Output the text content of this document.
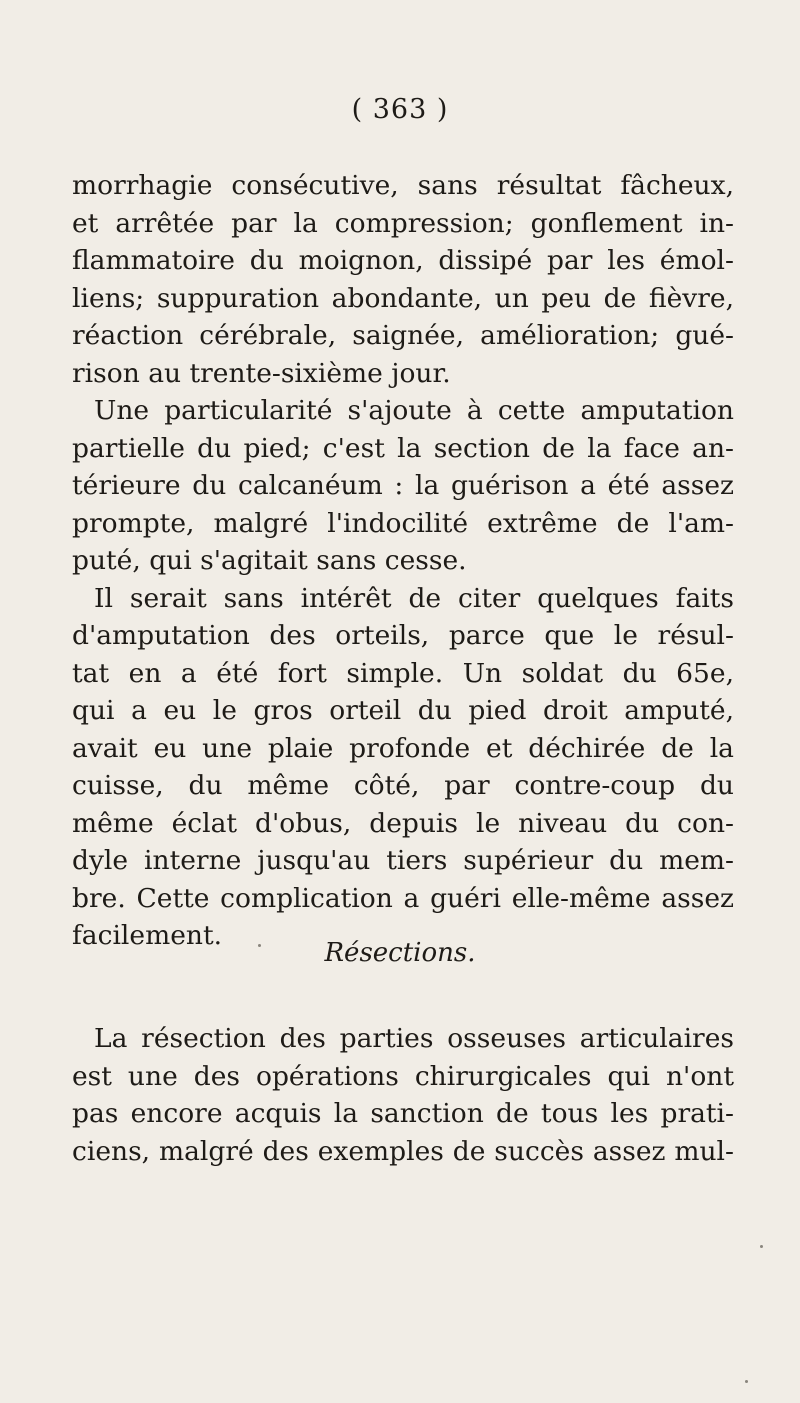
( 363 )
morrhagie consécutive, sans résultat fâcheux,
et arrêtée par la compression; gonflement in-
flammatoire du moignon, dissipé par les émol-
liens; suppuration abondante, un peu de fièvre,
réaction cérébrale, saignée, amélioration; gué-
rison au trente-sixième jour.
Une particularité s'ajoute à cette amputation
partielle du pied; c'est la section de la face an-
térieure du calcanéum : la guérison a été assez
prompte, malgré l'indocilité extrême de l'am-
puté, qui s'agitait sans cesse.
Il serait sans intérêt de citer quelques faits
d'amputation des orteils, parce que le résul-
tat en a été fort simple. Un soldat du 65e,
qui a eu le gros orteil du pied droit amputé,
avait eu une plaie profonde et déchirée de la
cuisse, du même côté, par contre-coup du
même éclat d'obus, depuis le niveau du con-
dyle interne jusqu'au tiers supérieur du mem-
bre. Cette complication a guéri elle-même assez
facilement.
Résections.
La résection des parties osseuses articulaires
est une des opérations chirurgicales qui n'ont
pas encore acquis la sanction de tous les prati-
ciens, malgré des exemples de succès assez mul-
